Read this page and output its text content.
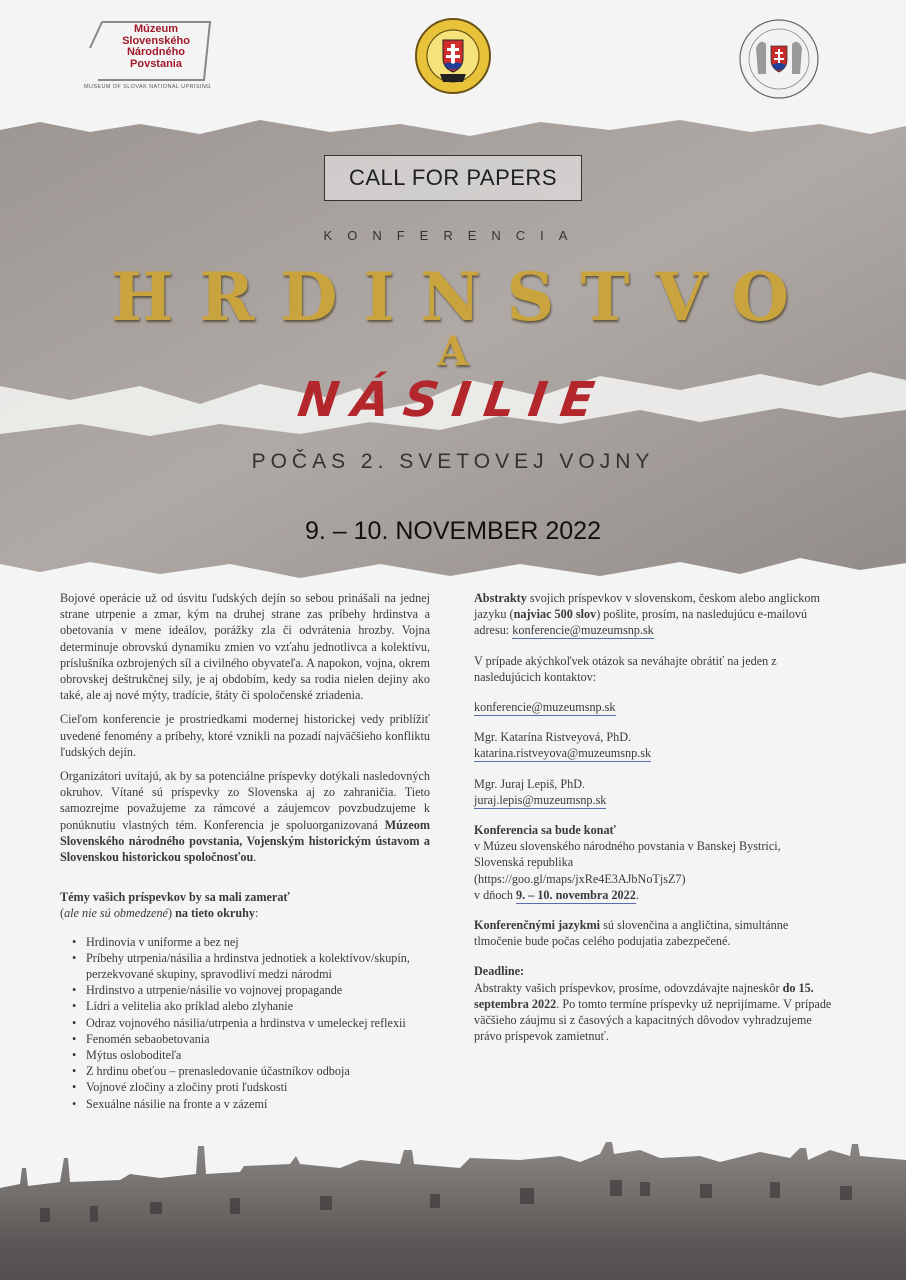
Múzeum Slovenského Národného Povstania
MUSEUM OF SLOVAK NATIONAL UPRISING
CALL FOR PAPERS
KONFERENCIA
HRDINSTVO
A
NÁSILIE
POČAS 2. SVETOVEJ VOJNY
9. – 10. NOVEMBER 2022

Bojové operácie už od úsvitu ľudských dejín so sebou prinášali na jednej strane utrpenie a zmar, kým na druhej strane zas príbehy hrdinstva a obetovania v mene ideálov, porážky zla či odvrátenia hrozby. Vojna determinuje obrovskú dynamiku zmien vo vzťahu jednotlivca a kolektívu, príslušníka ozbrojených síl a civilného obyvateľa. A napokon, vojna, okrem obrovskej deštrukčnej sily, je aj obdobím, kedy sa rodia nielen dejiny ako také, ale aj nové mýty, tradície, štáty či spoločenské zriadenia.

Cieľom konferencie je prostriedkami modernej historickej vedy priblížiť uvedené fenomény a príbehy, ktoré vznikli na pozadí najväčšieho konfliktu ľudských dejín.

Organizátori uvítajú, ak by sa potenciálne príspevky dotýkali nasledovných okruhov. Vítané sú príspevky zo Slovenska aj zo zahraničia. Tieto samozrejme považujeme za rámcové a záujemcov povzbudzujeme k ponúknutiu vlastných tém. Konferencia je spoluorganizovaná Múzeom Slovenského národného povstania, Vojenským historickým ústavom a Slovenskou historickou spoločnosťou.

Témy vašich príspevkov by sa mali zamerať
(ale nie sú obmedzené) na tieto okruhy:
• Hrdinovia v uniforme a bez nej
• Príbehy utrpenia/násilia a hrdinstva jednotiek a kolektívov/skupín, perzekvované skupiny, spravodliví medzi národmi
• Hrdinstvo a utrpenie/násilie vo vojnovej propagande
• Lídri a velitelia ako príklad alebo zlyhanie
• Odraz vojnového násilia/utrpenia a hrdinstva v umeleckej reflexii
• Fenomén sebaobetovania
• Mýtus osloboditeľa
• Z hrdinu obeťou – prenasledovanie účastníkov odboja
• Vojnové zločiny a zločiny proti ľudskosti
• Sexuálne násilie na fronte a v zázemí

Abstrakty svojich príspevkov v slovenskom, českom alebo anglickom jazyku (najviac 500 slov) pošlite, prosím, na nasledujúcu e-mailovú adresu: konferencie@muzeumsnp.sk

V prípade akýchkoľvek otázok sa neváhajte obrátiť na jeden z nasledujúcich kontaktov:

konferencie@muzeumsnp.sk

Mgr. Katarína Ristveyová, PhD.

katarina.ristveyova@muzeumsnp.sk

Mgr. Juraj Lepiš, PhD.

juraj.lepis@muzeumsnp.sk

Konferencia sa bude konať

v Múzeu slovenského národného povstania v Banskej Bystrici,

Slovenská republika

(https://goo.gl/maps/jxRe4E3AJbNoTjsZ7)

v dňoch 9. – 10. novembra 2022.

Konferenčnými jazykmi sú slovenčina a angličtina, simultánne tlmočenie bude počas celého podujatia zabezpečené.

Deadline:

Abstrakty vašich príspevkov, prosíme, odovzdávajte najneskôr do 15. septembra 2022. Po tomto termíne príspevky už neprijímame. V prípade väčšieho záujmu si z časových a kapacitných dôvodov vyhradzujeme právo príspevok zamietnuť.
